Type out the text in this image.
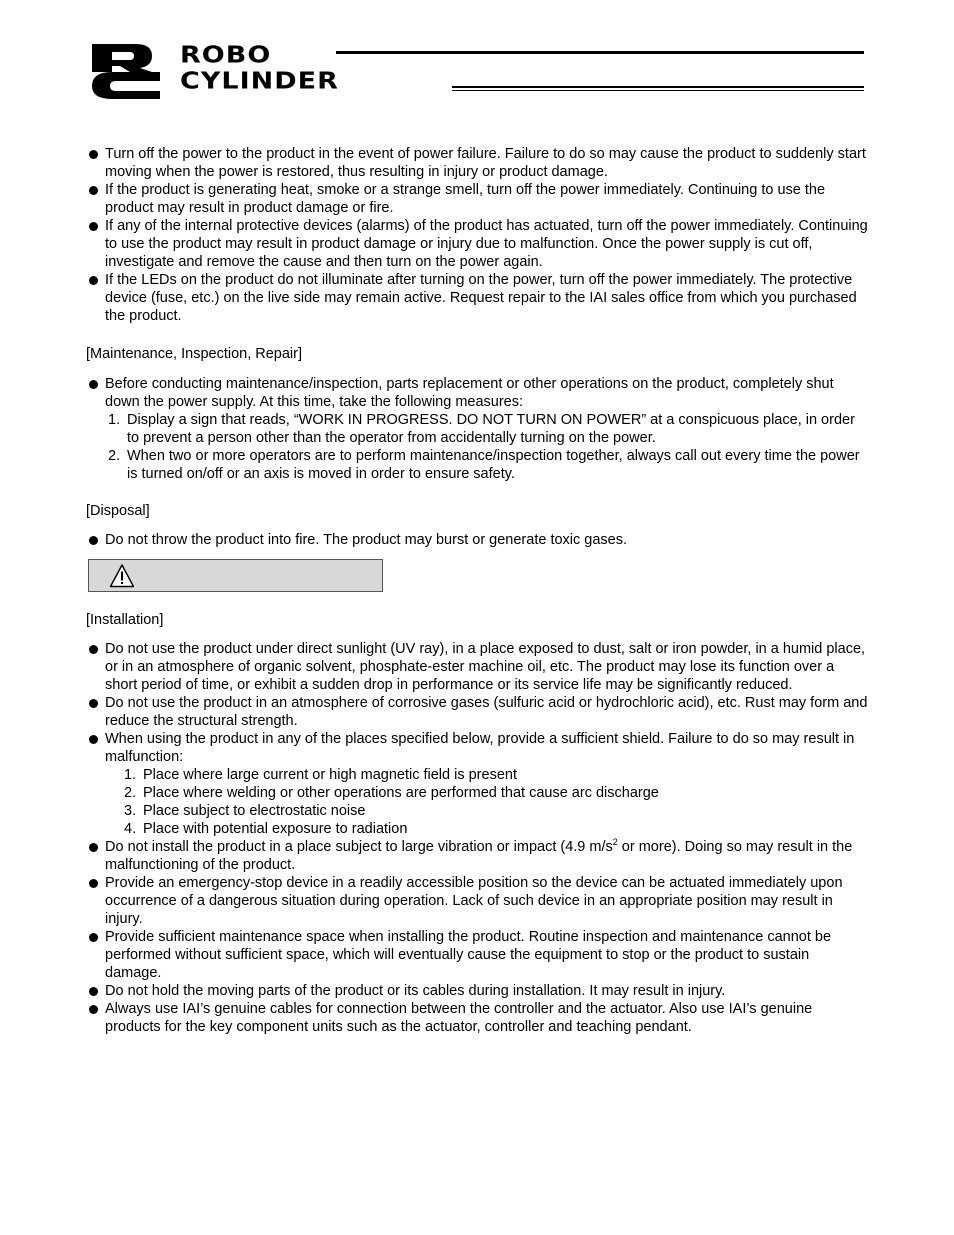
ROBO
CYLINDER
Turn off the power to the product in the event of power failure. Failure to do so may cause the product to suddenly start moving when the power is restored, thus resulting in injury or product damage.
If the product is generating heat, smoke or a strange smell, turn off the power immediately. Continuing to use the product may result in product damage or fire.
If any of the internal protective devices (alarms) of the product has actuated, turn off the power immediately. Continuing to use the product may result in product damage or injury due to malfunction. Once the power supply is cut off, investigate and remove the cause and then turn on the power again.
If the LEDs on the product do not illuminate after turning on the power, turn off the power immediately. The protective device (fuse, etc.) on the live side may remain active. Request repair to the IAI sales office from which you purchased the product.
[Maintenance, Inspection, Repair]
Before conducting maintenance/inspection, parts replacement or other operations on the product, completely shut down the power supply. At this time, take the following measures:
1. Display a sign that reads, “WORK IN PROGRESS. DO NOT TURN ON POWER” at a conspicuous place, in order to prevent a person other than the operator from accidentally turning on the power.
2. When two or more operators are to perform maintenance/inspection together, always call out every time the power is turned on/off or an axis is moved in order to ensure safety.
[Disposal]
Do not throw the product into fire. The product may burst or generate toxic gases.
[Installation]
Do not use the product under direct sunlight (UV ray), in a place exposed to dust, salt or iron powder, in a humid place, or in an atmosphere of organic solvent, phosphate-ester machine oil, etc. The product may lose its function over a short period of time, or exhibit a sudden drop in performance or its service life may be significantly reduced.
Do not use the product in an atmosphere of corrosive gases (sulfuric acid or hydrochloric acid), etc. Rust may form and reduce the structural strength.
When using the product in any of the places specified below, provide a sufficient shield. Failure to do so may result in malfunction:
1. Place where large current or high magnetic field is present
2. Place where welding or other operations are performed that cause arc discharge
3. Place subject to electrostatic noise
4. Place with potential exposure to radiation
Do not install the product in a place subject to large vibration or impact (4.9 $m/s^2$ or more). Doing so may result in the malfunctioning of the product.
Provide an emergency-stop device in a readily accessible position so the device can be actuated immediately upon occurrence of a dangerous situation during operation. Lack of such device in an appropriate position may result in injury.
Provide sufficient maintenance space when installing the product. Routine inspection and maintenance cannot be performed without sufficient space, which will eventually cause the equipment to stop or the product to sustain damage.
Do not hold the moving parts of the product or its cables during installation. It may result in injury.
Always use IAI’s genuine cables for connection between the controller and the actuator. Also use IAI’s genuine products for the key component units such as the actuator, controller and teaching pendant.
